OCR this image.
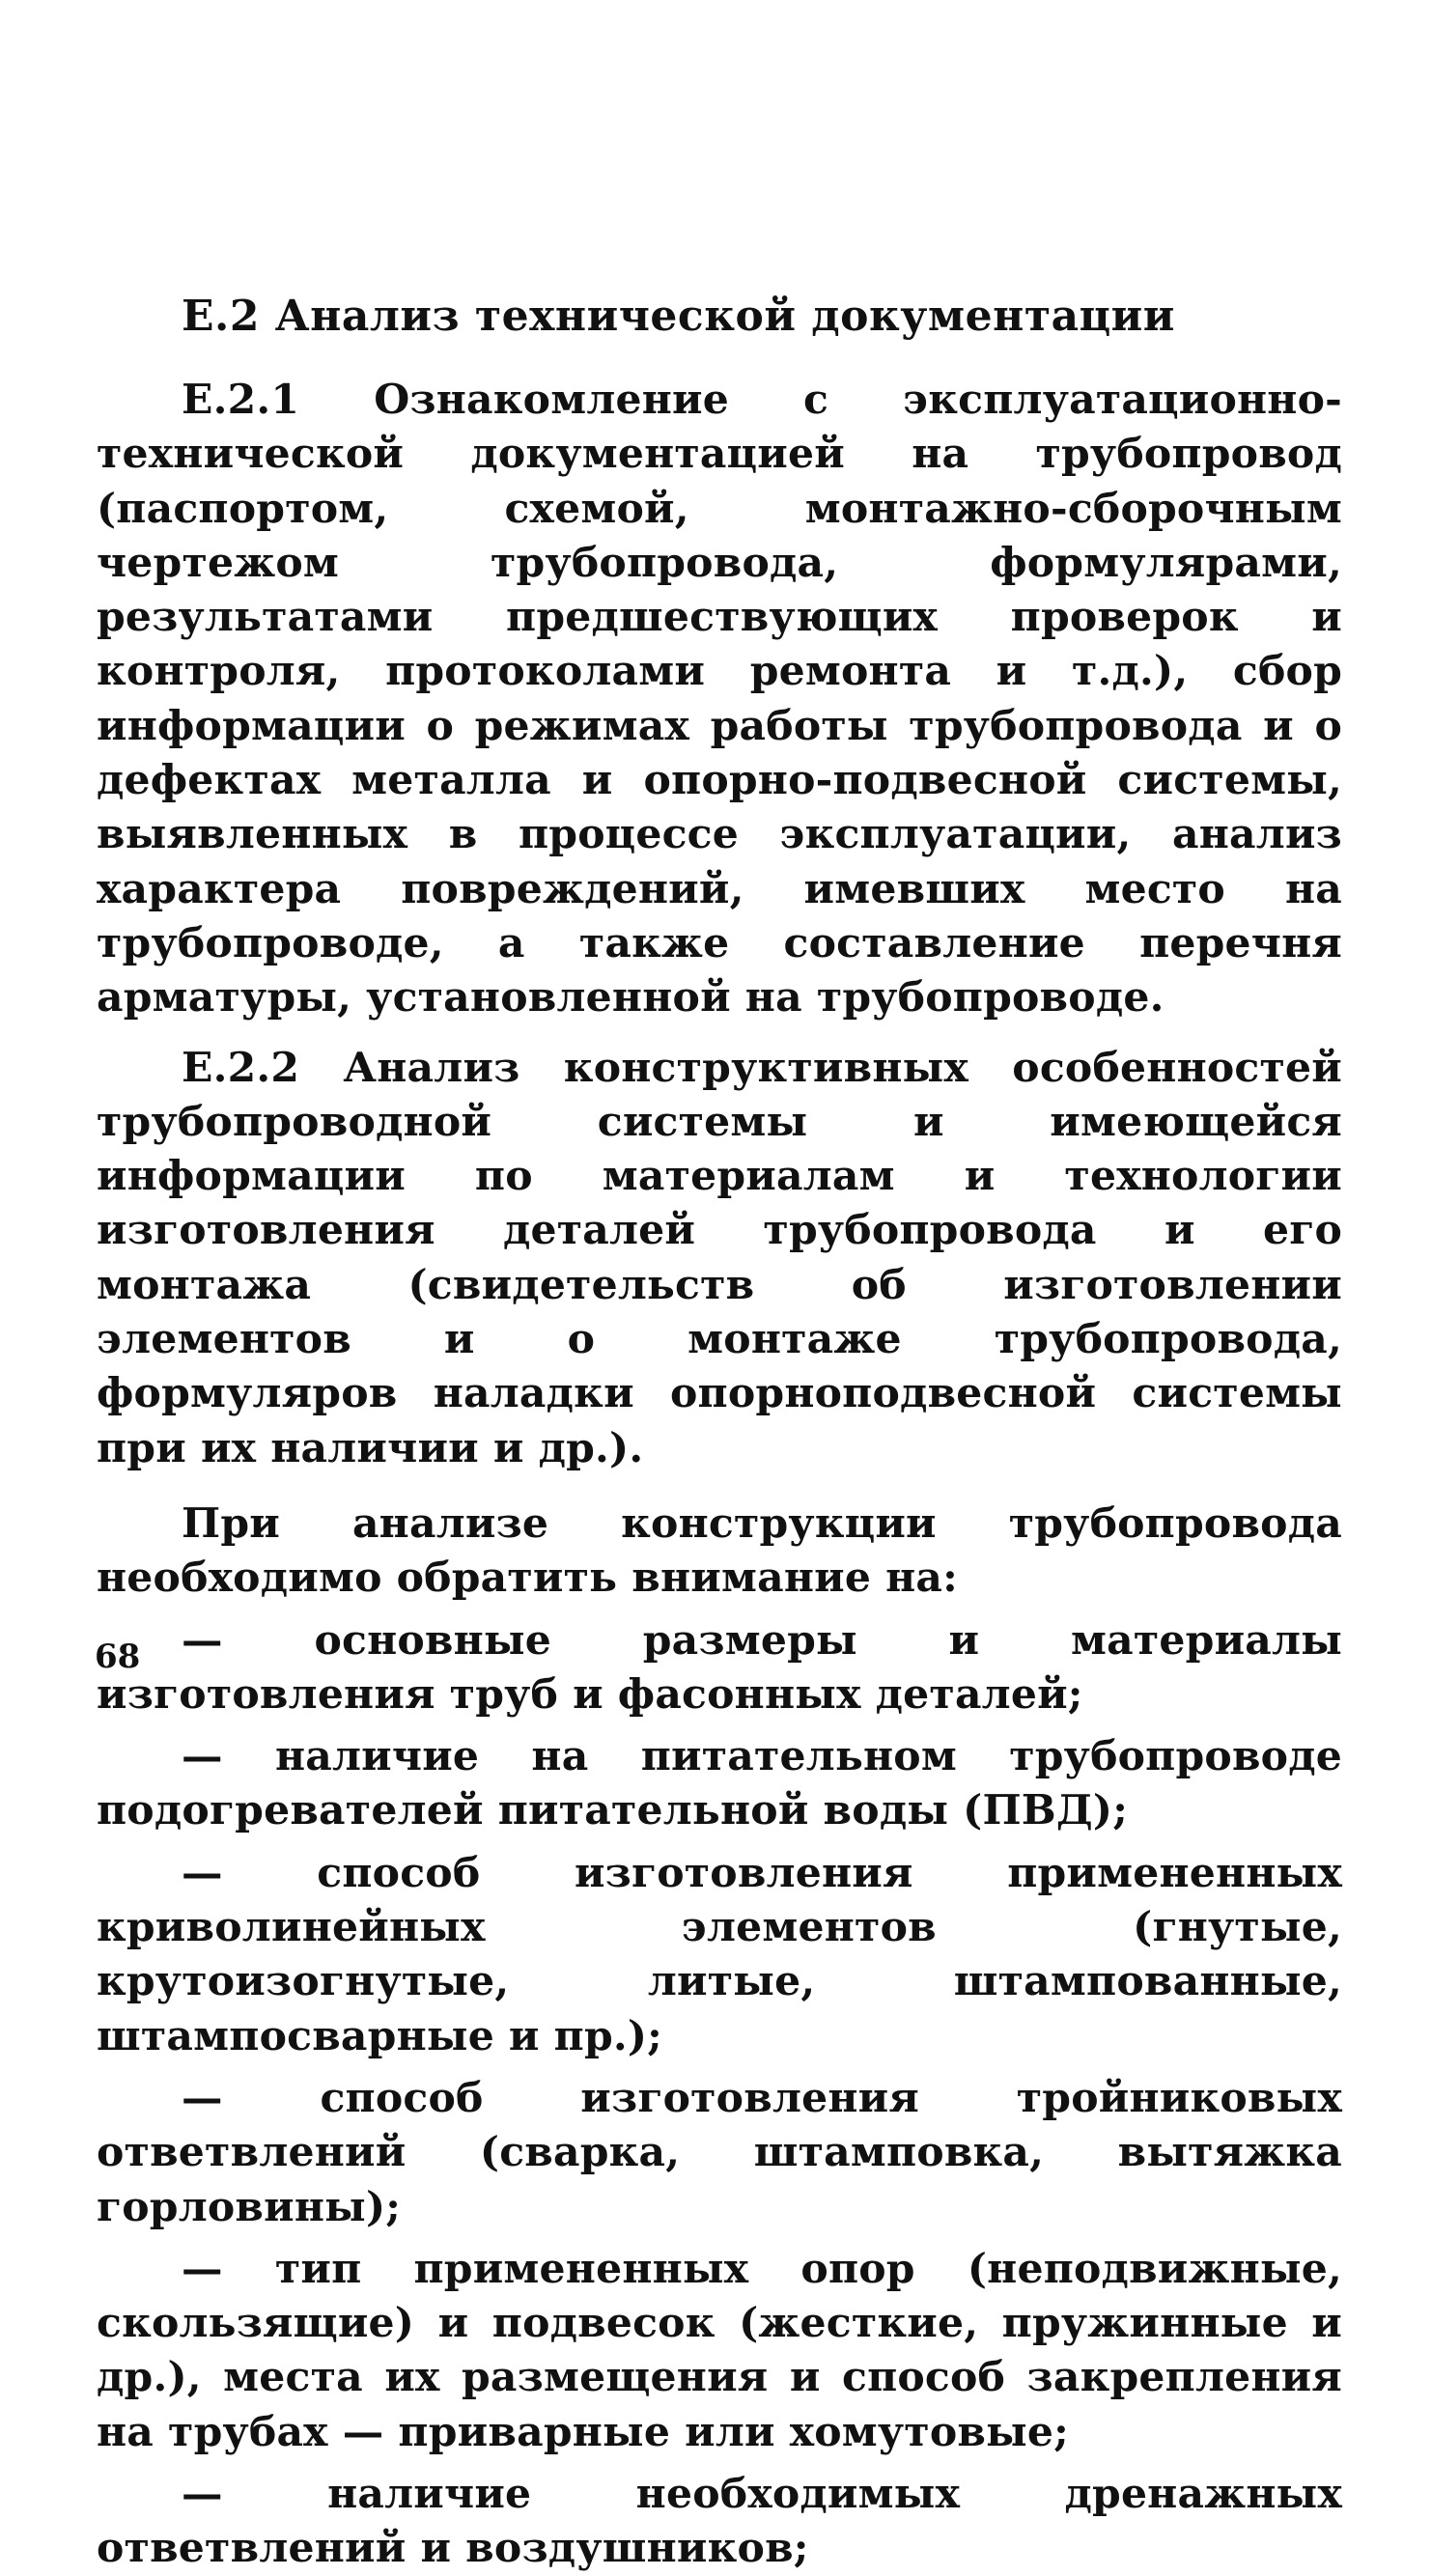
Е.2 Анализ технической документации

Е.2.1 Ознакомление с эксплуатационно-технической документацией на трубопровод (паспортом, схемой, монтажно-сборочным чертежом трубопровода, формулярами, результатами предшествующих проверок и контроля, протоколами ремонта и т.д.), сбор информации о режимах работы трубопровода и о дефектах металла и опорно-подвесной системы, выявленных в процессе эксплуатации, анализ характера повреждений, имевших место на трубопроводе, а также составление перечня арматуры, установленной на трубопроводе.

Е.2.2 Анализ конструктивных особенностей трубопроводной системы и имеющейся информации по материалам и технологии изготовления деталей трубопровода и его монтажа (свидетельств об изготовлении элементов и о монтаже трубопровода, формуляров наладки опорноподвесной системы при их наличии и др.).

При анализе конструкции трубопровода необходимо обратить внимание на:

— основные размеры и материалы изготовления труб и фасонных деталей;

— наличие на питательном трубопроводе подогревателей питательной воды (ПВД);

— способ изготовления примененных криволинейных элементов (гнутые, крутоизогнутые, литые, штампованные, штампосварные и пр.);

— способ изготовления тройниковых ответвлений (сварка, штамповка, вытяжка горловины);

— тип примененных опор (неподвижные, скользящие) и подвесок (жесткие, пружинные и др.), места их размещения и способ закрепления на трубах — приварные или хомутовые;

— наличие необходимых дренажных ответвлений и воздушников;

68
